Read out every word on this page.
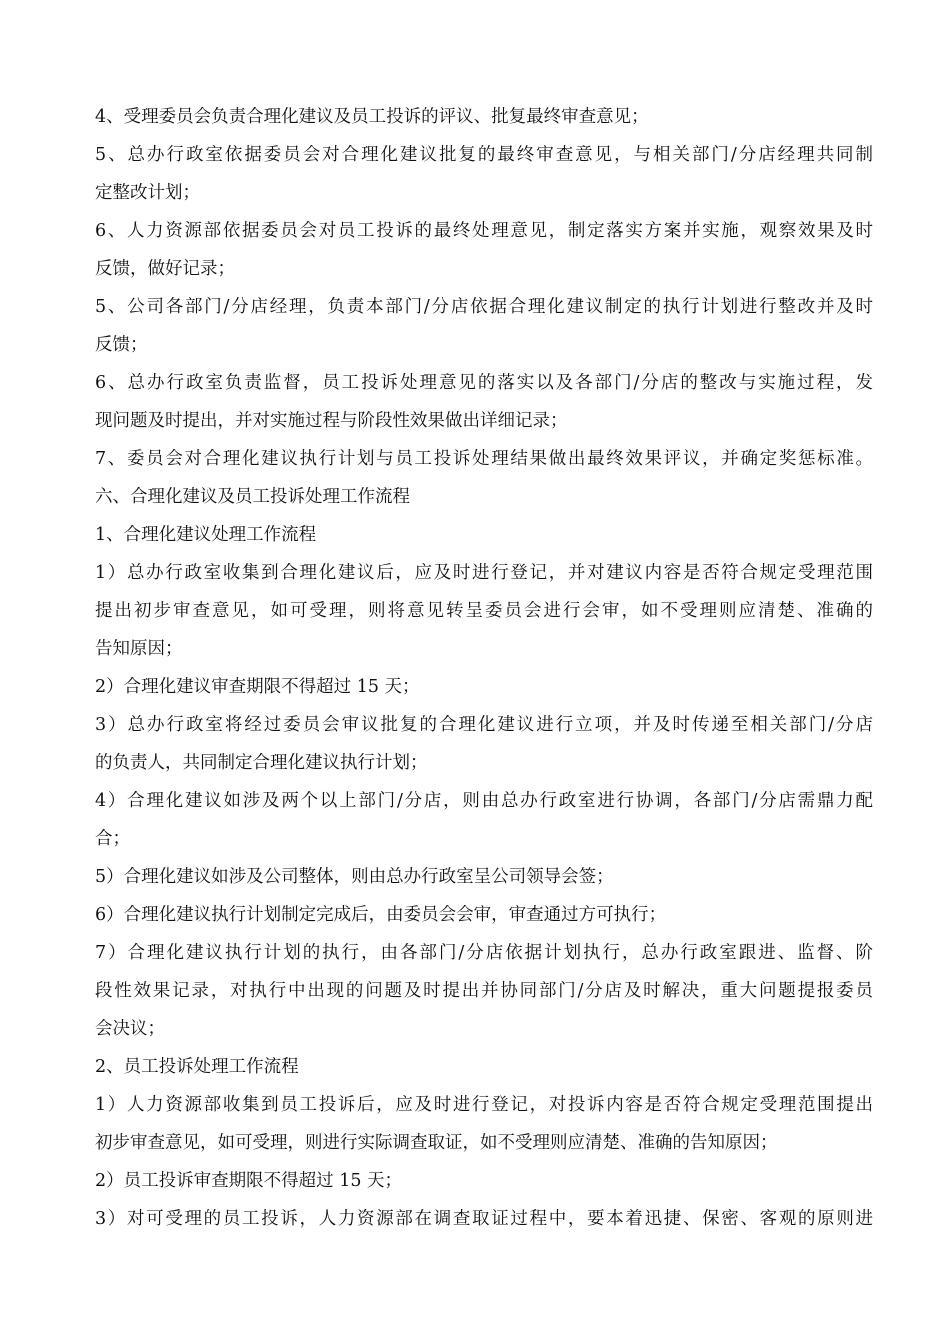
4、受理委员会负责合理化建议及员工投诉的评议、批复最终审查意见；
5、总办行政室依据委员会对合理化建议批复的最终审查意见，与相关部门/分店经理共同制
定整改计划；
6、人力资源部依据委员会对员工投诉的最终处理意见，制定落实方案并实施，观察效果及时
反馈，做好记录；
5、公司各部门/分店经理，负责本部门/分店依据合理化建议制定的执行计划进行整改并及时
反馈；
6、总办行政室负责监督，员工投诉处理意见的落实以及各部门/分店的整改与实施过程，发
现问题及时提出，并对实施过程与阶段性效果做出详细记录；
7、委员会对合理化建议执行计划与员工投诉处理结果做出最终效果评议，并确定奖惩标准。
六、合理化建议及员工投诉处理工作流程
1、合理化建议处理工作流程
1）总办行政室收集到合理化建议后，应及时进行登记，并对建议内容是否符合规定受理范围
提出初步审查意见，如可受理，则将意见转呈委员会进行会审，如不受理则应清楚、准确的
告知原因；
2）合理化建议审查期限不得超过 15 天；
3）总办行政室将经过委员会审议批复的合理化建议进行立项，并及时传递至相关部门/分店
的负责人，共同制定合理化建议执行计划；
4）合理化建议如涉及两个以上部门/分店，则由总办行政室进行协调，各部门/分店需鼎力配
合；
5）合理化建议如涉及公司整体，则由总办行政室呈公司领导会签；
6）合理化建议执行计划制定完成后，由委员会会审，审查通过方可执行；
7）合理化建议执行计划的执行，由各部门/分店依据计划执行，总办行政室跟进、监督、阶
段性效果记录，对执行中出现的问题及时提出并协同部门/分店及时解决，重大问题提报委员
会决议；
2、员工投诉处理工作流程
1）人力资源部收集到员工投诉后，应及时进行登记，对投诉内容是否符合规定受理范围提出
初步审查意见，如可受理，则进行实际调查取证，如不受理则应清楚、准确的告知原因；
2）员工投诉审查期限不得超过 15 天；
3）对可受理的员工投诉，人力资源部在调查取证过程中，要本着迅捷、保密、客观的原则进
